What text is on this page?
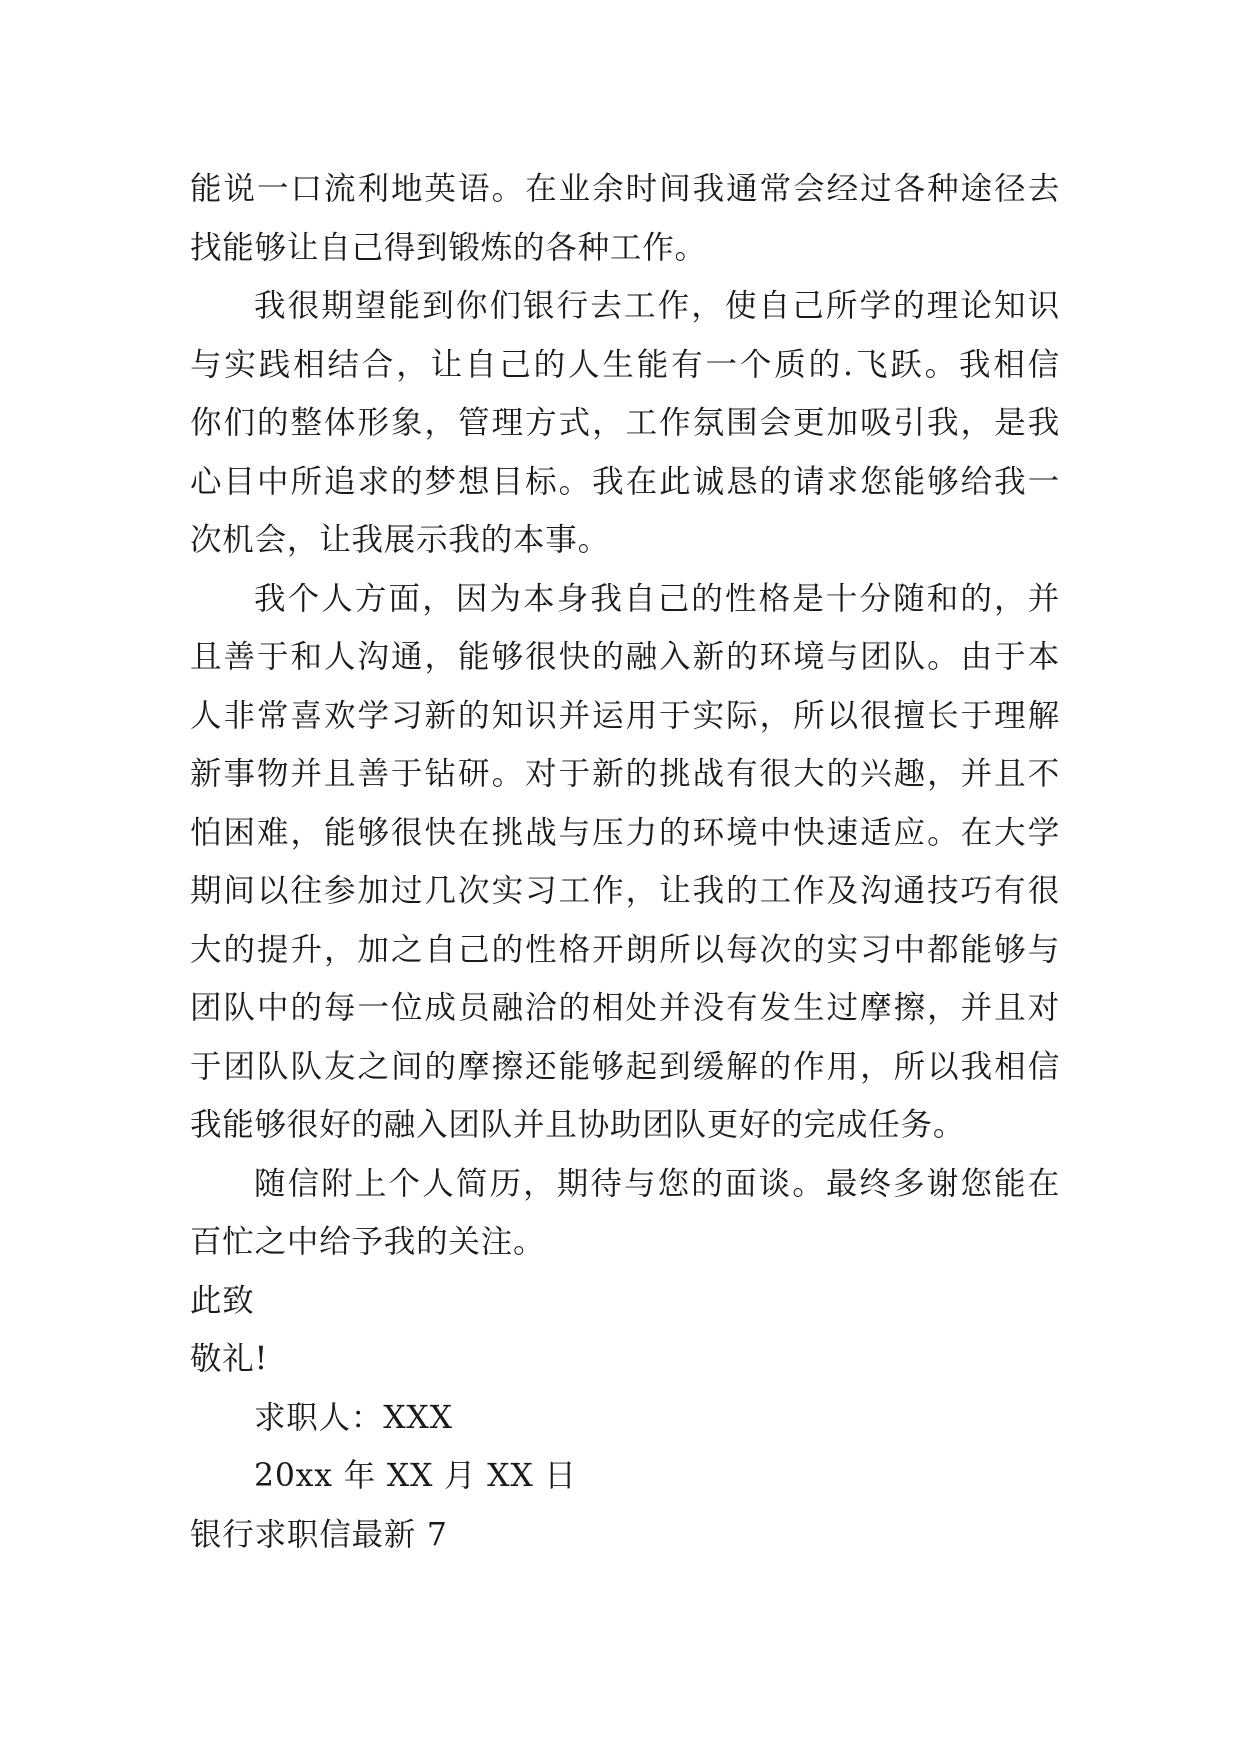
能说一口流利地英语。在业余时间我通常会经过各种途径去
找能够让自己得到锻炼的各种工作。
我很期望能到你们银行去工作，使自己所学的理论知识
与实践相结合，让自己的人生能有一个质的.飞跃。我相信
你们的整体形象，管理方式，工作氛围会更加吸引我，是我
心目中所追求的梦想目标。我在此诚恳的请求您能够给我一
次机会，让我展示我的本事。
我个人方面，因为本身我自己的性格是十分随和的，并
且善于和人沟通，能够很快的融入新的环境与团队。由于本
人非常喜欢学习新的知识并运用于实际，所以很擅长于理解
新事物并且善于钻研。对于新的挑战有很大的兴趣，并且不
怕困难，能够很快在挑战与压力的环境中快速适应。在大学
期间以往参加过几次实习工作，让我的工作及沟通技巧有很
大的提升，加之自己的性格开朗所以每次的实习中都能够与
团队中的每一位成员融洽的相处并没有发生过摩擦，并且对
于团队队友之间的摩擦还能够起到缓解的作用，所以我相信
我能够很好的融入团队并且协助团队更好的完成任务。
随信附上个人简历，期待与您的面谈。最终多谢您能在
百忙之中给予我的关注。
此致
敬礼!
求职人：XXX
20xx 年 XX 月 XX 日
银行求职信最新 7
